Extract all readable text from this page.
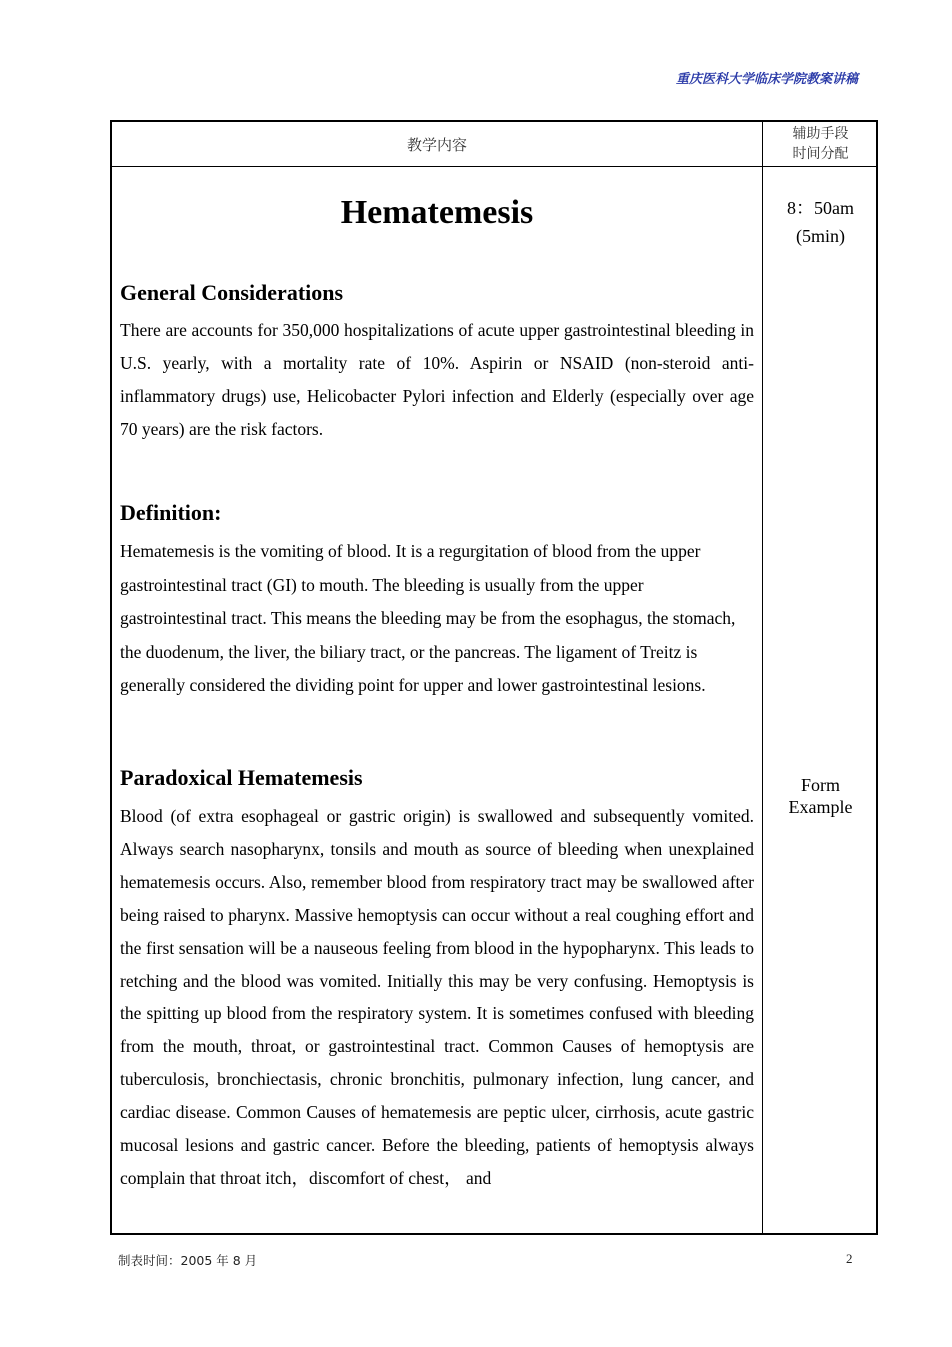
重庆医科大学临床学院教案讲稿
教学内容
辅助手段
时间分配
Hematemesis
General Considerations

There are accounts for 350,000 hospitalizations of acute upper gastrointestinal bleeding in U.S. yearly, with a mortality rate of 10%. Aspirin or NSAID (non-steroid anti-inflammatory drugs) use, Helicobacter Pylori infection and Elderly (especially over age 70 years) are the risk factors.

Definition:

Hematemesis is the vomiting of blood. It is a regurgitation of blood from the upper gastrointestinal tract (GI) to mouth. The bleeding is usually from the upper gastrointestinal tract. This means the bleeding may be from the esophagus, the stomach, the duodenum, the liver, the biliary tract, or the pancreas. The ligament of Treitz is generally considered the dividing point for upper and lower gastrointestinal lesions.

Paradoxical Hematemesis

Blood (of extra esophageal or gastric origin) is swallowed and subsequently vomited. Always search nasopharynx, tonsils and mouth as source of bleeding when unexplained hematemesis occurs. Also, remember blood from respiratory tract may be swallowed after being raised to pharynx. Massive hemoptysis can occur without a real coughing effort and the first sensation will be a nauseous feeling from blood in the hypopharynx. This leads to retching and the blood was vomited. Initially this may be very confusing. Hemoptysis is the spitting up blood from the respiratory system. It is sometimes confused with bleeding from the mouth, throat, or gastrointestinal tract. Common Causes of hemoptysis are tuberculosis, bronchiectasis, chronic bronchitis, pulmonary infection, lung cancer, and cardiac disease. Common Causes of hematemesis are peptic ulcer, cirrhosis, acute gastric mucosal lesions and gastric cancer. Before the bleeding, patients of hemoptysis always complain that throat itch，discomfort of chest， and

8：50am
(5min)
Form
Example
制表时间：2005 年 8 月	2
